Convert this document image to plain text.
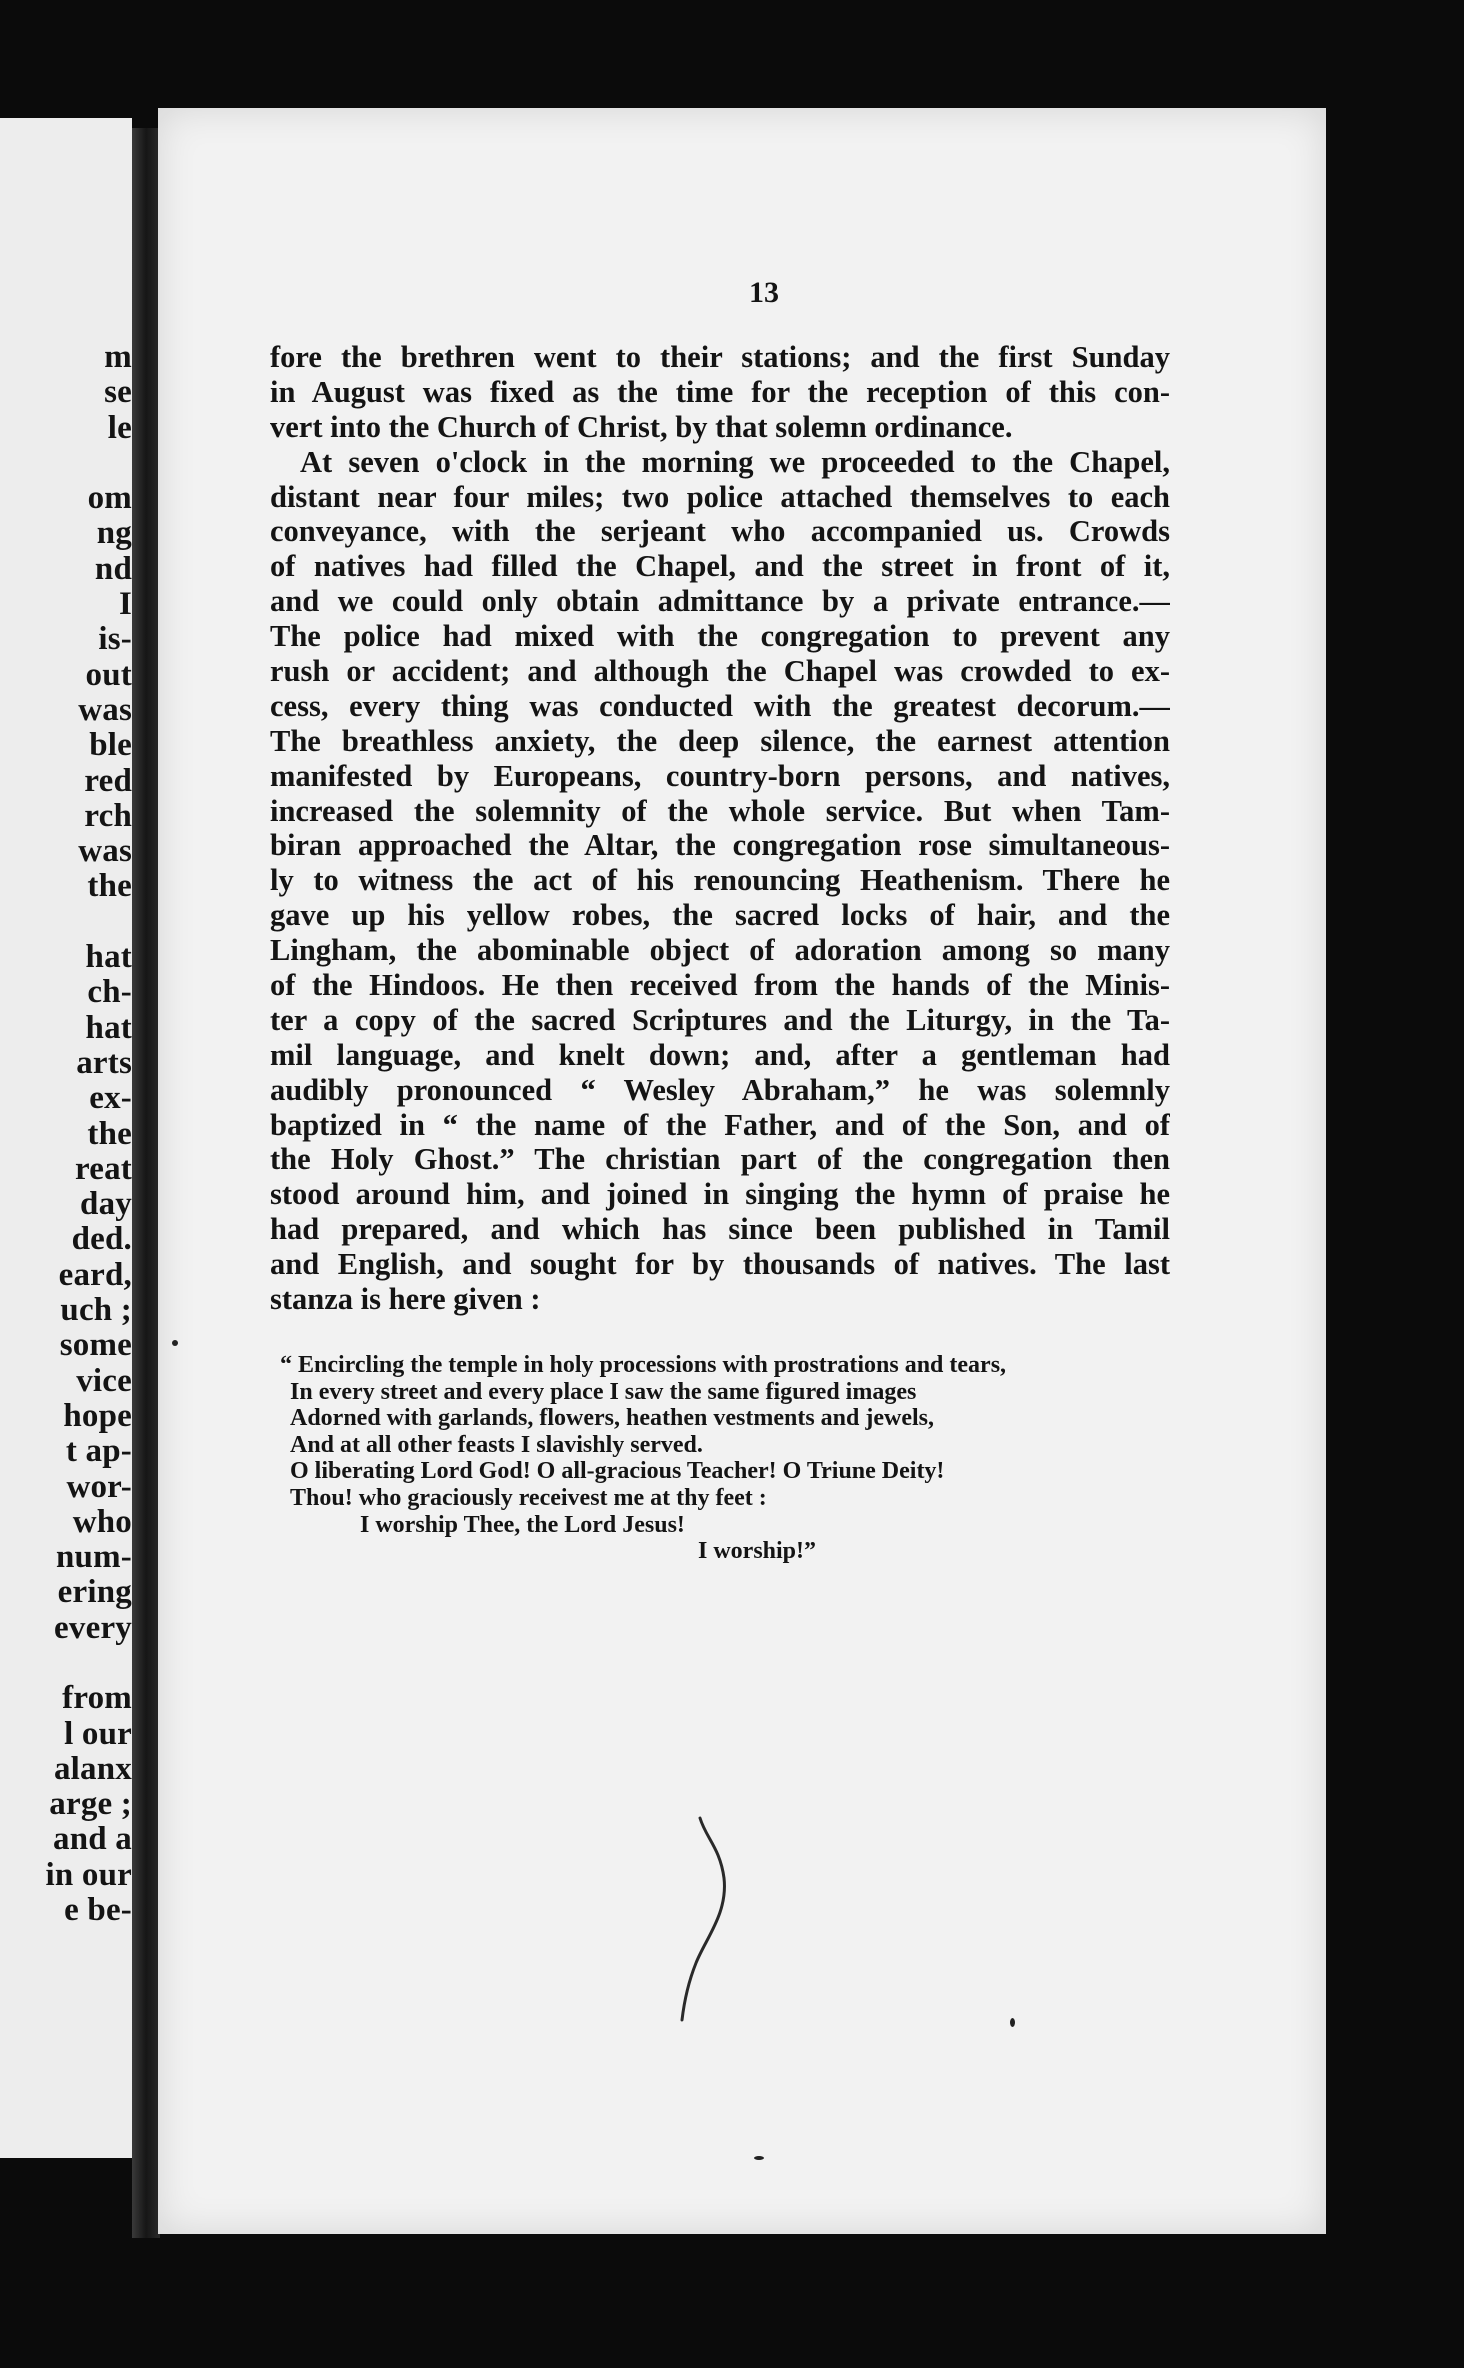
m
se
le
om
ng
nd
I
is-
out
was
ble
red
rch
was
the
hat
ch-
hat
arts
ex-
the
reat
day
ded.
eard,
uch ;
some
vice
hope
t ap-
wor-
who
num-
ering
every
from
l our
alanx
arge ;
and a
in our
e be-
13
fore the brethren went to their stations; and the first Sunday
in August was fixed as the time for the reception of this con-
vert into the Church of Christ, by that solemn ordinance.
At seven o'clock in the morning we proceeded to the Chapel,
distant near four miles; two police attached themselves to each
conveyance, with the serjeant who accompanied us. Crowds
of natives had filled the Chapel, and the street in front of it,
and we could only obtain admittance by a private entrance.—
The police had mixed with the congregation to prevent any
rush or accident; and although the Chapel was crowded to ex-
cess, every thing was conducted with the greatest decorum.—
The breathless anxiety, the deep silence, the earnest attention
manifested by Europeans, country-born persons, and natives,
increased the solemnity of the whole service. But when Tam-
biran approached the Altar, the congregation rose simultaneous-
ly to witness the act of his renouncing Heathenism. There he
gave up his yellow robes, the sacred locks of hair, and the
Lingham, the abominable object of adoration among so many
of the Hindoos. He then received from the hands of the Minis-
ter a copy of the sacred Scriptures and the Liturgy, in the Ta-
mil language, and knelt down; and, after a gentleman had
audibly pronounced “ Wesley Abraham,” he was solemnly
baptized in “ the name of the Father, and of the Son, and of
the Holy Ghost.” The christian part of the congregation then
stood around him, and joined in singing the hymn of praise he
had prepared, and which has since been published in Tamil
and English, and sought for by thousands of natives. The last
stanza is here given :
“ Encircling the temple in holy processions with prostrations and tears,
In every street and every place I saw the same figured images
Adorned with garlands, flowers, heathen vestments and jewels,
And at all other feasts I slavishly served.
O liberating Lord God! O all-gracious Teacher! O Triune Deity!
Thou! who graciously receivest me at thy feet :
I worship Thee, the Lord Jesus!
I worship!”
